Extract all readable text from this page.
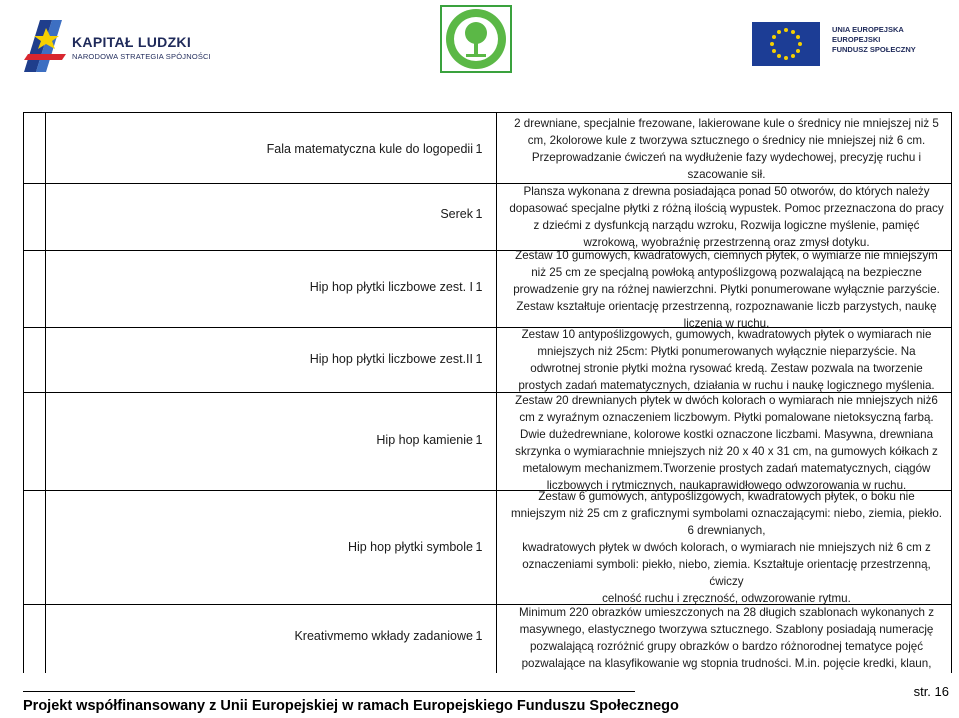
KAPITAŁ LUDZKI
NARODOWA STRATEGIA SPÓJNOŚCI
UNIA EUROPEJSKA
EUROPEJSKI
FUNDUSZ SPOŁECZNY
Fala matematyczna kule do logopedii 1

2 drewniane, specjalnie frezowane, lakierowane kule o średnicy nie mniejszej niż 5

cm, 2kolorowe kule z tworzywa sztucznego o średnicy nie mniejszej niż 6 cm.

Przeprowadzanie ćwiczeń na wydłużenie fazy wydechowej, precyzję ruchu i

szacowanie sił.

Serek 1

Plansza wykonana z drewna posiadająca ponad 50 otworów, do których należy

dopasować specjalne płytki z różną ilością wypustek. Pomoc przeznaczona do pracy

z dziećmi z dysfunkcją narządu wzroku, Rozwija logiczne myślenie, pamięć

wzrokową, wyobraźnię przestrzenną oraz zmysł dotyku.

Hip hop płytki liczbowe zest. I 1

Zestaw 10 gumowych, kwadratowych, ciemnych płytek, o wymiarze nie mniejszym

niż 25 cm ze specjalną powłoką antypoślizgową pozwalającą na bezpieczne

prowadzenie gry na różnej nawierzchni. Płytki ponumerowane wyłącznie parzyście.

Zestaw kształtuje orientację przestrzenną, rozpoznawanie liczb parzystych, naukę

liczenia w ruchu.

Hip hop płytki liczbowe zest.II 1

Zestaw 10 antypoślizgowych, gumowych, kwadratowych płytek o wymiarach nie

mniejszych niż 25cm: Płytki ponumerowanych wyłącznie nieparzyście. Na

odwrotnej stronie płytki można rysować kredą. Zestaw pozwala na tworzenie

prostych zadań matematycznych, działania w ruchu i naukę logicznego myślenia.

Hip hop kamienie 1

Zestaw 20 drewnianych płytek w dwóch kolorach o wymiarach nie mniejszych niż6

cm z wyraźnym oznaczeniem liczbowym. Płytki pomalowane nietoksyczną farbą.

Dwie dużedrewniane, kolorowe kostki oznaczone liczbami. Masywna, drewniana

skrzynka o wymiarachnie mniejszych niż 20 x 40 x 31 cm, na gumowych kółkach z

metalowym mechanizmem.Tworzenie prostych zadań matematycznych, ciągów

liczbowych i rytmicznych, naukaprawidłowego odwzorowania w ruchu.

Hip hop płytki symbole 1

Zestaw 6 gumowych, antypoślizgowych, kwadratowych płytek, o boku nie

mniejszym niż 25 cm z graficznymi symbolami oznaczającymi: niebo, ziemia, piekło.

6 drewnianych,

kwadratowych płytek w dwóch kolorach, o wymiarach nie mniejszych niż 6 cm z

oznaczeniami symboli: piekło, niebo, ziemia. Kształtuje orientację przestrzenną,

ćwiczy

celność ruchu i zręczność, odwzorowanie rytmu.

Kreativmemo wkłady zadaniowe 1

Minimum 220 obrazków umieszczonych na 28 długich szablonach wykonanych z

masywnego, elastycznego tworzywa sztucznego. Szablony posiadają numerację

pozwalającą rozróżnić grupy obrazków o bardzo różnorodnej tematyce pojęć

pozwalające na klasyfikowanie wg stopnia trudności. M.in. pojęcie kredki, klaun,

Projekt współfinansowany z Unii Europejskiej w ramach Europejskiego Funduszu Społecznego
str. 16
